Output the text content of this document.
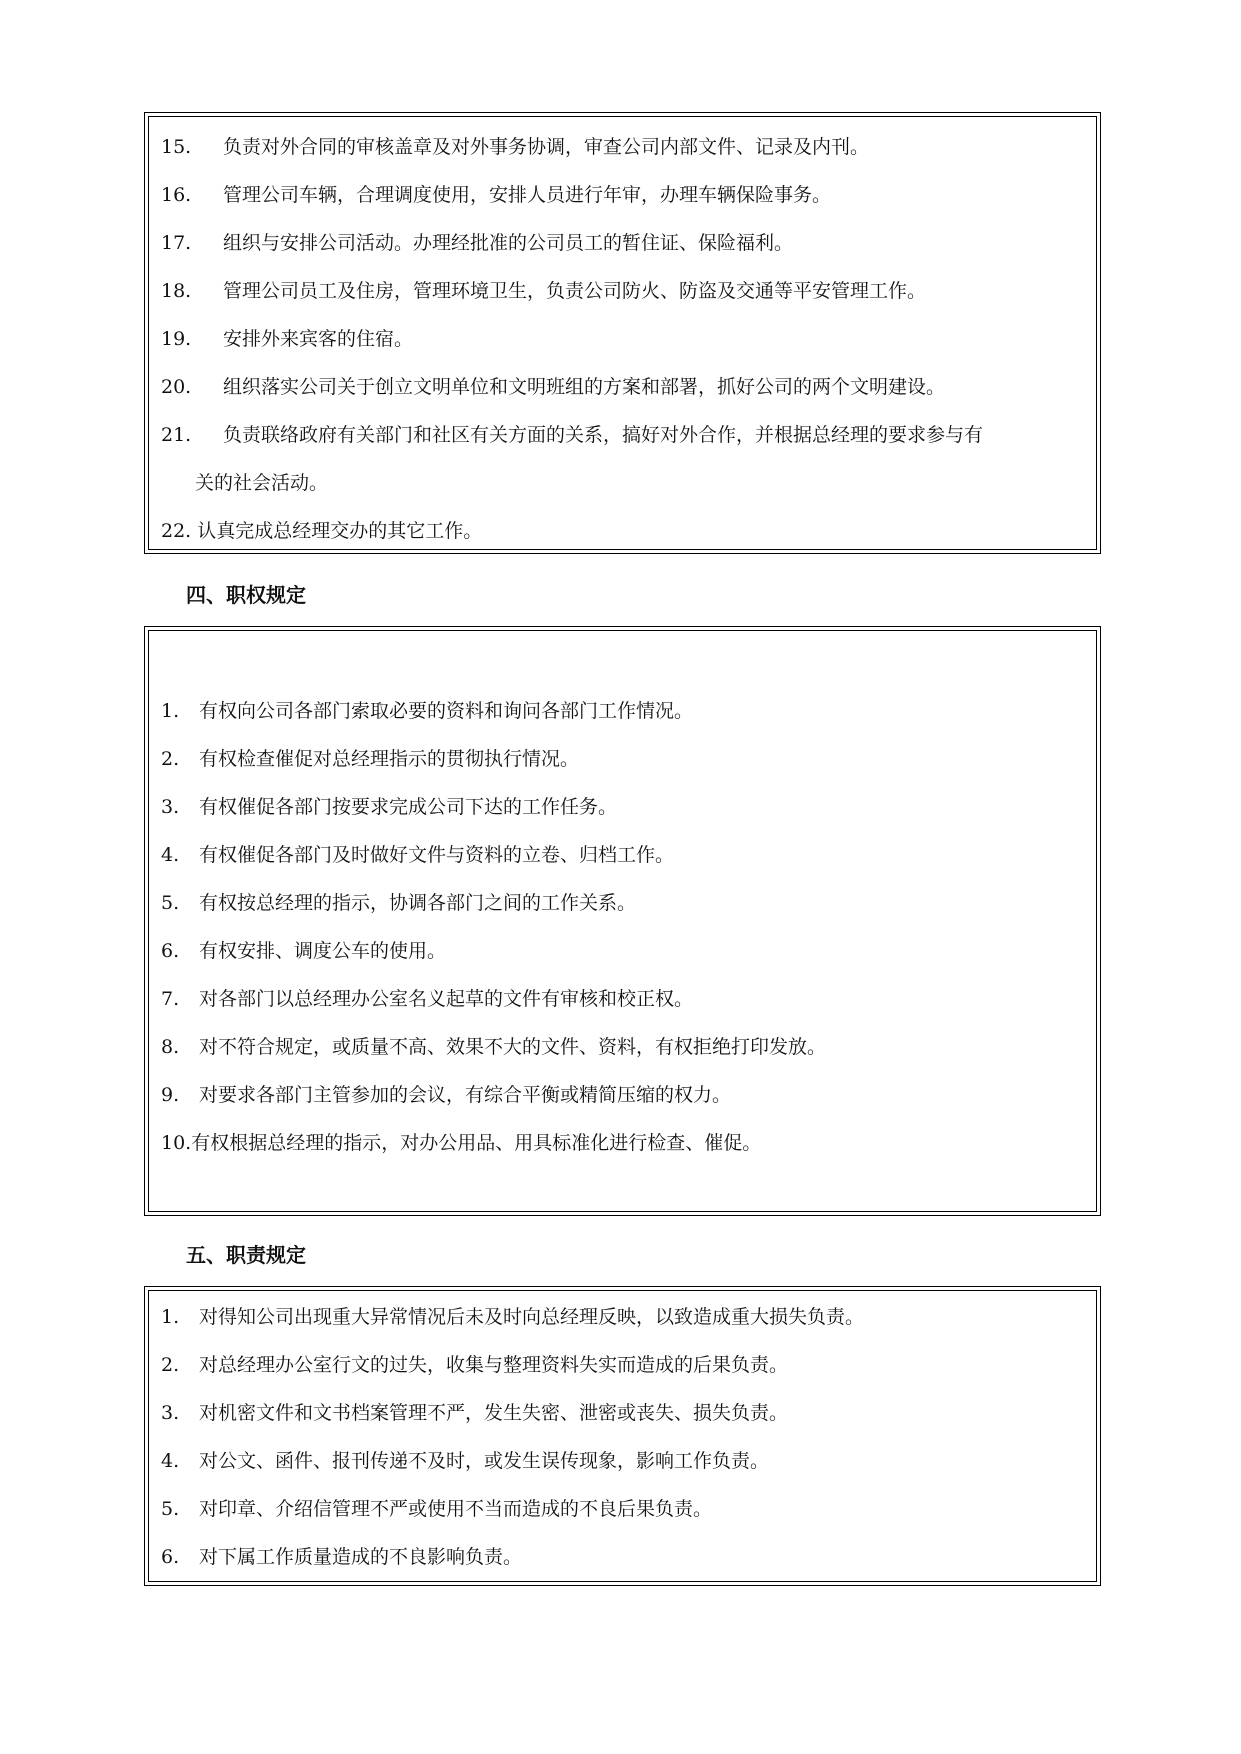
15. 负责对外合同的审核盖章及对外事务协调，审查公司内部文件、记录及内刊。
16. 管理公司车辆，合理调度使用，安排人员进行年审，办理车辆保险事务。
17. 组织与安排公司活动。办理经批准的公司员工的暂住证、保险福利。
18. 管理公司员工及住房，管理环境卫生，负责公司防火、防盗及交通等平安管理工作。
19. 安排外来宾客的住宿。
20. 组织落实公司关于创立文明单位和文明班组的方案和部署，抓好公司的两个文明建设。
21. 负责联络政府有关部门和社区有关方面的关系，搞好对外合作，并根据总经理的要求参与有
关的社会活动。
22. 认真完成总经理交办的其它工作。
四、职权规定
1. 有权向公司各部门索取必要的资料和询问各部门工作情况。
2. 有权检查催促对总经理指示的贯彻执行情况。
3. 有权催促各部门按要求完成公司下达的工作任务。
4. 有权催促各部门及时做好文件与资料的立卷、归档工作。
5. 有权按总经理的指示，协调各部门之间的工作关系。
6. 有权安排、调度公车的使用。
7. 对各部门以总经理办公室名义起草的文件有审核和校正权。
8. 对不符合规定，或质量不高、效果不大的文件、资料，有权拒绝打印发放。
9. 对要求各部门主管参加的会议，有综合平衡或精简压缩的权力。
10.有权根据总经理的指示，对办公用品、用具标准化进行检查、催促。
五、职责规定
1. 对得知公司出现重大异常情况后未及时向总经理反映，以致造成重大损失负责。
2. 对总经理办公室行文的过失，收集与整理资料失实而造成的后果负责。
3. 对机密文件和文书档案管理不严，发生失密、泄密或丧失、损失负责。
4. 对公文、函件、报刊传递不及时，或发生误传现象，影响工作负责。
5. 对印章、介绍信管理不严或使用不当而造成的不良后果负责。
6. 对下属工作质量造成的不良影响负责。
